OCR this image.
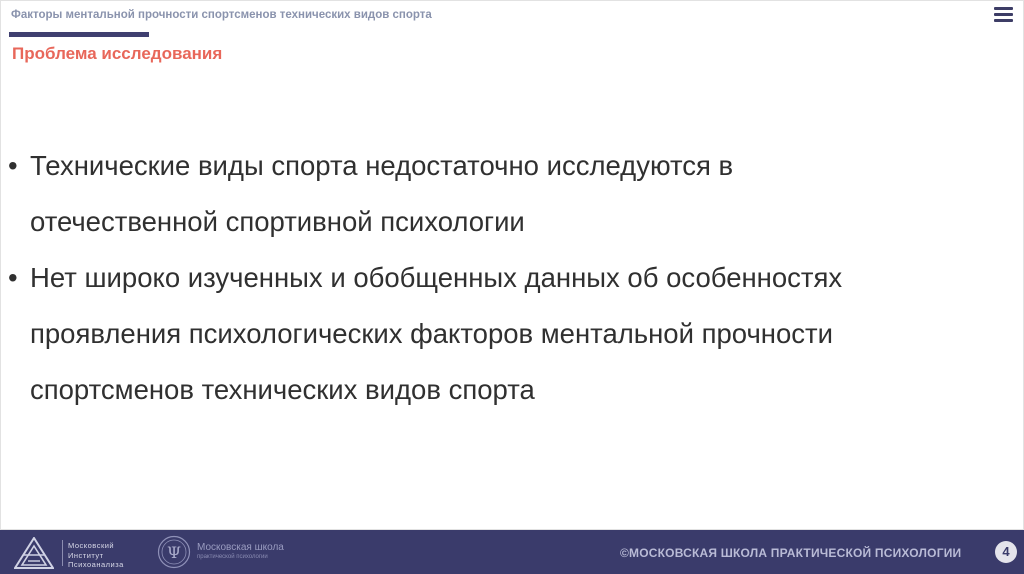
Факторы ментальной прочности спортсменов технических видов спорта
Проблема исследования
• Технические виды спорта недостаточно исследуются в
отечественной спортивной психологии
• Нет широко изученных и обобщенных данных об особенностях
проявления психологических факторов ментальной прочности
спортсменов технических видов спорта
Московский
Институт
Психоанализа
Ψ Московская школа
практической психологии	©МОСКОВСКАЯ ШКОЛА ПРАКТИЧЕСКОЙ ПСИХОЛОГИИ	4
